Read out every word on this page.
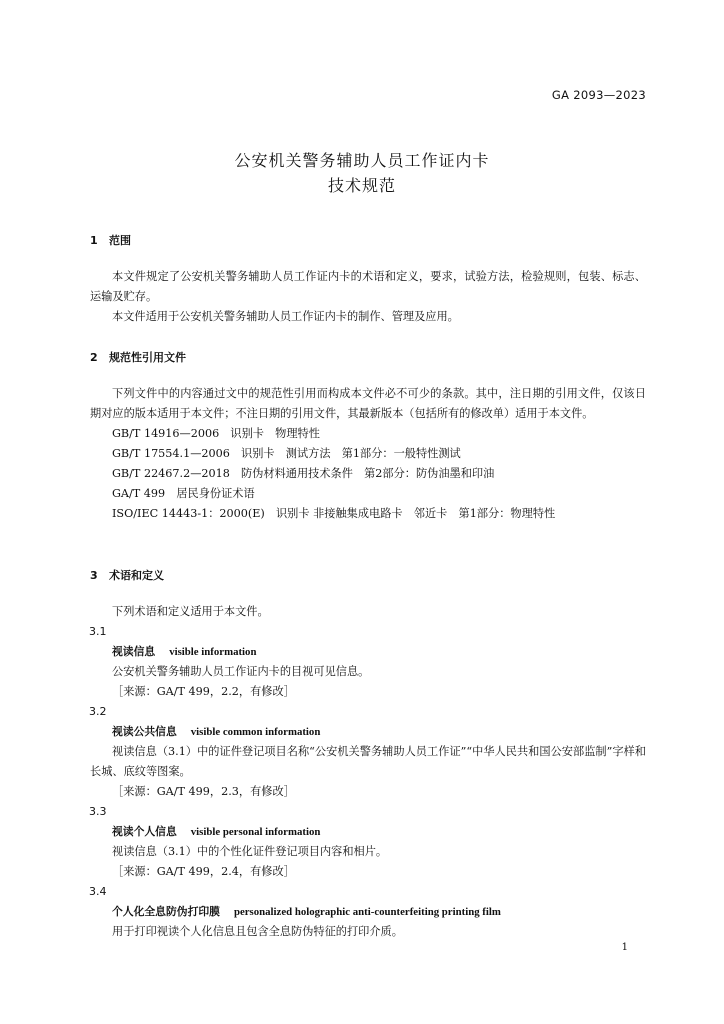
GA 2093—2023
公安机关警务辅助人员工作证内卡
技术规范
1 范围
本文件规定了公安机关警务辅助人员工作证内卡的术语和定义，要求，试验方法，检验规则，包装、标志、运输及贮存。
本文件适用于公安机关警务辅助人员工作证内卡的制作、管理及应用。
2 规范性引用文件
下列文件中的内容通过文中的规范性引用而构成本文件必不可少的条款。其中，注日期的引用文件，仅该日期对应的版本适用于本文件；不注日期的引用文件，其最新版本（包括所有的修改单）适用于本文件。
GB/T 14916—2006　识别卡　物理特性
GB/T 17554.1—2006　识别卡　测试方法　第1部分：一般特性测试
GB/T 22467.2—2018　防伪材料通用技术条件　第2部分：防伪油墨和印油
GA/T 499　居民身份证术语
ISO/IEC 14443-1：2000(E)　识别卡 非接触集成电路卡　邻近卡　第1部分：物理特性
3 术语和定义
下列术语和定义适用于本文件。
3.1
视读信息 visible information
公安机关警务辅助人员工作证内卡的目视可见信息。
［来源：GA/T 499，2.2，有修改］
3.2
视读公共信息 visible common information
视读信息（3.1）中的证件登记项目名称“公安机关警务辅助人员工作证”“中华人民共和国公安部监制”字样和长城、底纹等图案。
［来源：GA/T 499，2.3，有修改］
3.3
视读个人信息 visible personal information
视读信息（3.1）中的个性化证件登记项目内容和相片。
［来源：GA/T 499，2.4，有修改］
3.4
个人化全息防伪打印膜 personalized holographic anti-counterfeiting printing film
用于打印视读个人化信息且包含全息防伪特征的打印介质。
1
